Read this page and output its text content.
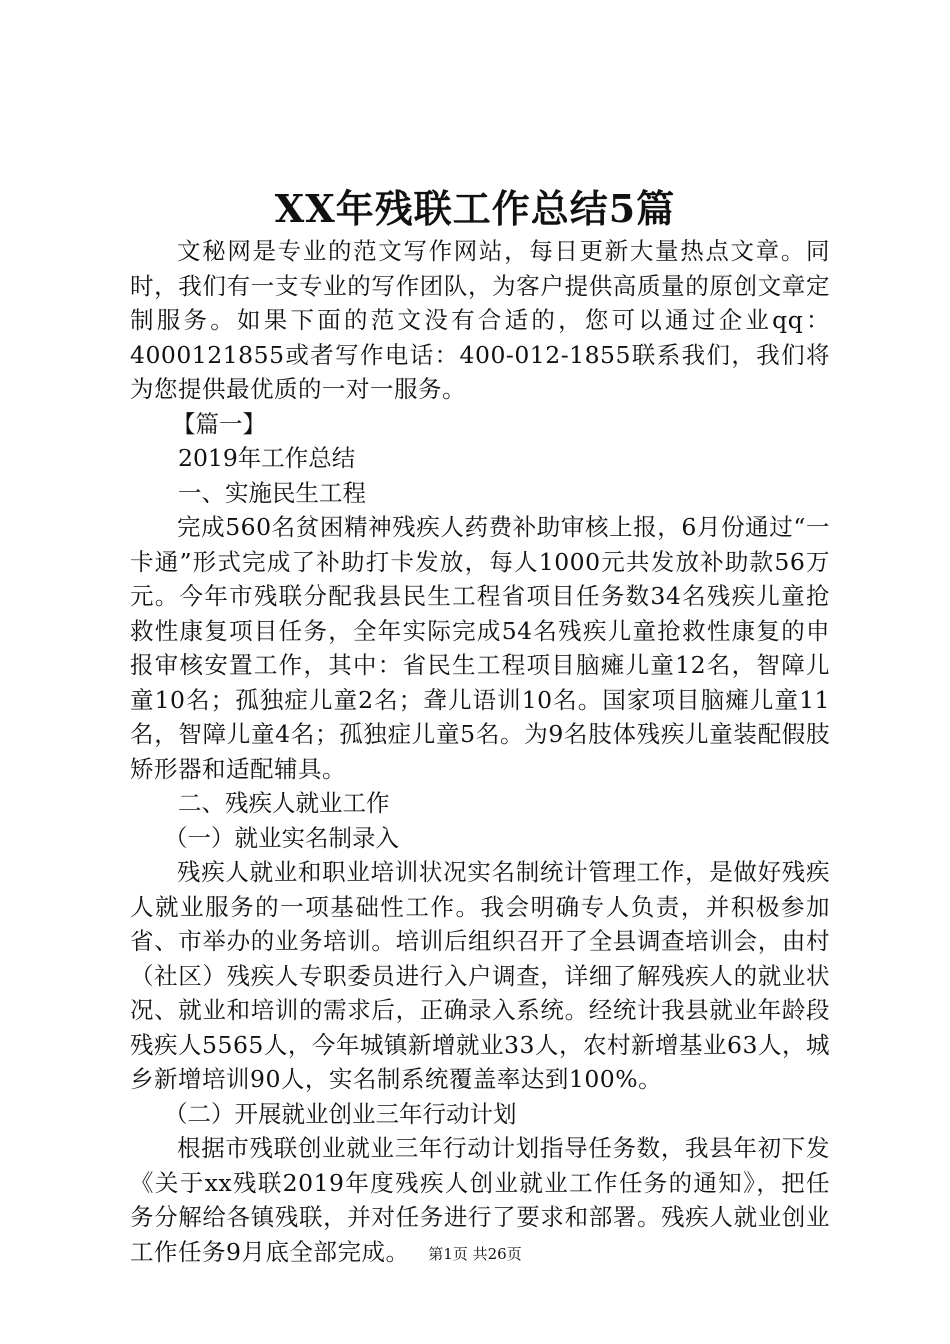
XX年残联工作总结5篇

文秘网是专业的范文写作网站，每日更新大量热点文章。同时，我们有一支专业的写作团队，为客户提供高质量的原创文章定制服务。如果下面的范文没有合适的，您可以通过企业qq：4000121855或者写作电话：400-012-1855联系我们，我们将为您提供最优质的一对一服务。

【篇一】

2019年工作总结

一、实施民生工程

完成560名贫困精神残疾人药费补助审核上报，6月份通过“一卡通”形式完成了补助打卡发放，每人1000元共发放补助款56万元。今年市残联分配我县民生工程省项目任务数34名残疾儿童抢救性康复项目任务，全年实际完成54名残疾儿童抢救性康复的申报审核安置工作，其中：省民生工程项目脑瘫儿童12名，智障儿童10名；孤独症儿童2名；聋儿语训10名。国家项目脑瘫儿童11名，智障儿童4名；孤独症儿童5名。为9名肢体残疾儿童装配假肢矫形器和适配辅具。

二、残疾人就业工作

（一）就业实名制录入

残疾人就业和职业培训状况实名制统计管理工作，是做好残疾人就业服务的一项基础性工作。我会明确专人负责，并积极参加省、市举办的业务培训。培训后组织召开了全县调查培训会，由村（社区）残疾人专职委员进行入户调查，详细了解残疾人的就业状况、就业和培训的需求后，正确录入系统。经统计我县就业年龄段残疾人5565人，今年城镇新增就业33人，农村新增基业63人，城乡新增培训90人，实名制系统覆盖率达到100%。

（二）开展就业创业三年行动计划

根据市残联创业就业三年行动计划指导任务数，我县年初下发《关于xx残联2019年度残疾人创业就业工作任务的通知》，把任务分解给各镇残联，并对任务进行了要求和部署。残疾人就业创业工作任务9月底全部完成。	第1页 共26页
